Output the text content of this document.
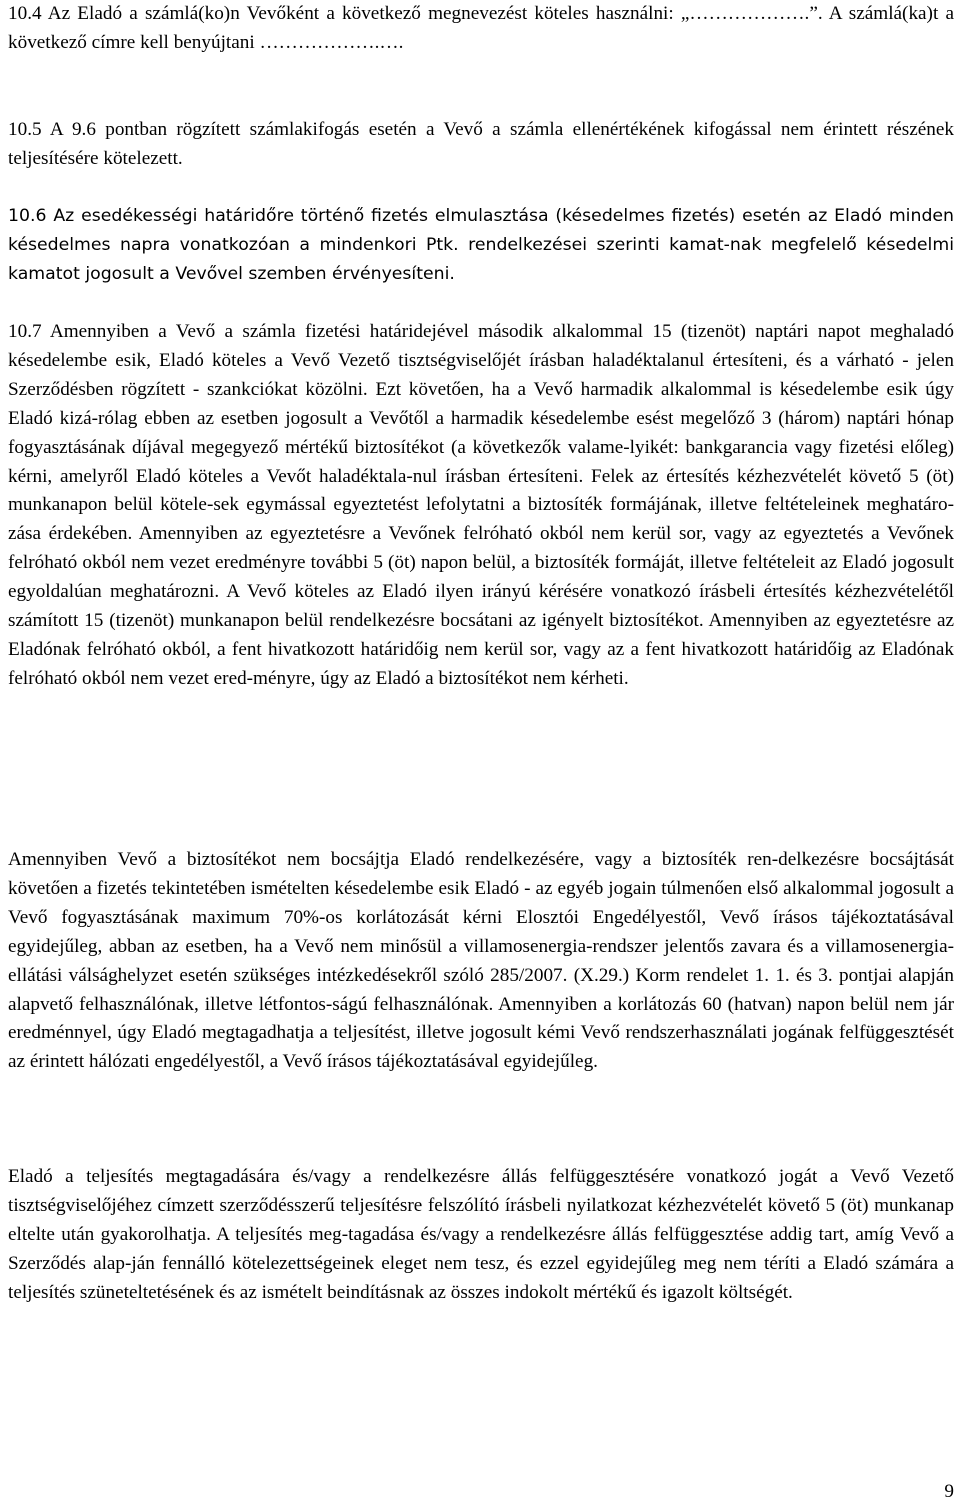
10.4 Az Eladó a számlá(ko)n Vevőként a következő megnevezést köteles használni: „……………….”. A számlá(ka)t a következő címre kell benyújtani ……………….….

10.5 A 9.6 pontban rögzített számlakifogás esetén a Vevő a számla ellenértékének kifogással nem érintett részének teljesítésére kötelezett.

10.6 Az esedékességi határidőre történő fizetés elmulasztása (késedelmes fizetés) esetén az Eladó minden késedelmes napra vonatkozóan a mindenkori Ptk. rendelkezései szerinti kamat-nak megfelelő késedelmi kamatot jogosult a Vevővel szemben érvényesíteni.

10.7 Amennyiben a Vevő a számla fizetési határidejével második alkalommal 15 (tizenöt) naptári napot meghaladó késedelembe esik, Eladó köteles a Vevő Vezető tisztségviselőjét írásban haladéktalanul értesíteni, és a várható - jelen Szerződésben rögzített - szankciókat közölni. Ezt követően, ha a Vevő harmadik alkalommal is késedelembe esik úgy Eladó kizá-rólag ebben az esetben jogosult a Vevőtől a harmadik késedelembe esést megelőző 3 (három) naptári hónap fogyasztásának díjával megegyező mértékű biztosítékot (a következők valame-lyikét: bankgarancia vagy fizetési előleg) kérni, amelyről Eladó köteles a Vevőt haladéktala-nul írásban értesíteni. Felek az értesítés kézhezvételét követő 5 (öt) munkanapon belül kötele-sek egymással egyeztetést lefolytatni a biztosíték formájának, illetve feltételeinek meghatáro-zása érdekében. Amennyiben az egyeztetésre a Vevőnek felróható okból nem kerül sor, vagy az egyeztetés a Vevőnek felróható okból nem vezet eredményre további 5 (öt) napon belül, a biztosíték formáját, illetve feltételeit az Eladó jogosult egyoldalúan meghatározni. A Vevő köteles az Eladó ilyen irányú kérésére vonatkozó írásbeli értesítés kézhezvételétől számított 15 (tizenöt) munkanapon belül rendelkezésre bocsátani az igényelt biztosítékot. Amennyiben az egyeztetésre az Eladónak felróható okból, a fent hivatkozott határidőig nem kerül sor, vagy az a fent hivatkozott határidőig az Eladónak felróható okból nem vezet ered-ményre, úgy az Eladó a biztosítékot nem kérheti.

Amennyiben Vevő a biztosítékot nem bocsájtja Eladó rendelkezésére, vagy a biztosíték ren-delkezésre bocsájtását követően a fizetés tekintetében ismételten késedelembe esik Eladó - az egyéb jogain túlmenően első alkalommal jogosult a Vevő fogyasztásának maximum 70%-os korlátozását kérni Elosztói Engedélyestől, Vevő írásos tájékoztatásával egyidejűleg, abban az esetben, ha a Vevő nem minősül a villamosenergia-rendszer jelentős zavara és a villamosenergia-ellátási válsághelyzet esetén szükséges intézkedésekről szóló 285/2007. (X.29.) Korm rendelet 1. 1. és 3. pontjai alapján alapvető felhasználónak, illetve létfontos-ságú felhasználónak. Amennyiben a korlátozás 60 (hatvan) napon belül nem jár eredménnyel, úgy Eladó megtagadhatja a teljesítést, illetve jogosult kémi Vevő rendszerhasználati jogának felfüggesztését az érintett hálózati engedélyestől, a Vevő írásos tájékoztatásával egyidejűleg.

Eladó a teljesítés megtagadására és/vagy a rendelkezésre állás felfüggesztésére vonatkozó jogát a Vevő Vezető tisztségviselőjéhez címzett szerződésszerű teljesítésre felszólító írásbeli nyilatkozat kézhezvételét követő 5 (öt) munkanap eltelte után gyakorolhatja. A teljesítés meg-tagadása és/vagy a rendelkezésre állás felfüggesztése addig tart, amíg Vevő a Szerződés alap-ján fennálló kötelezettségeinek eleget nem tesz, és ezzel egyidejűleg meg nem téríti a Eladó számára a teljesítés szüneteltetésének és az ismételt beindításnak az összes indokolt mértékű és igazolt költségét.

9
